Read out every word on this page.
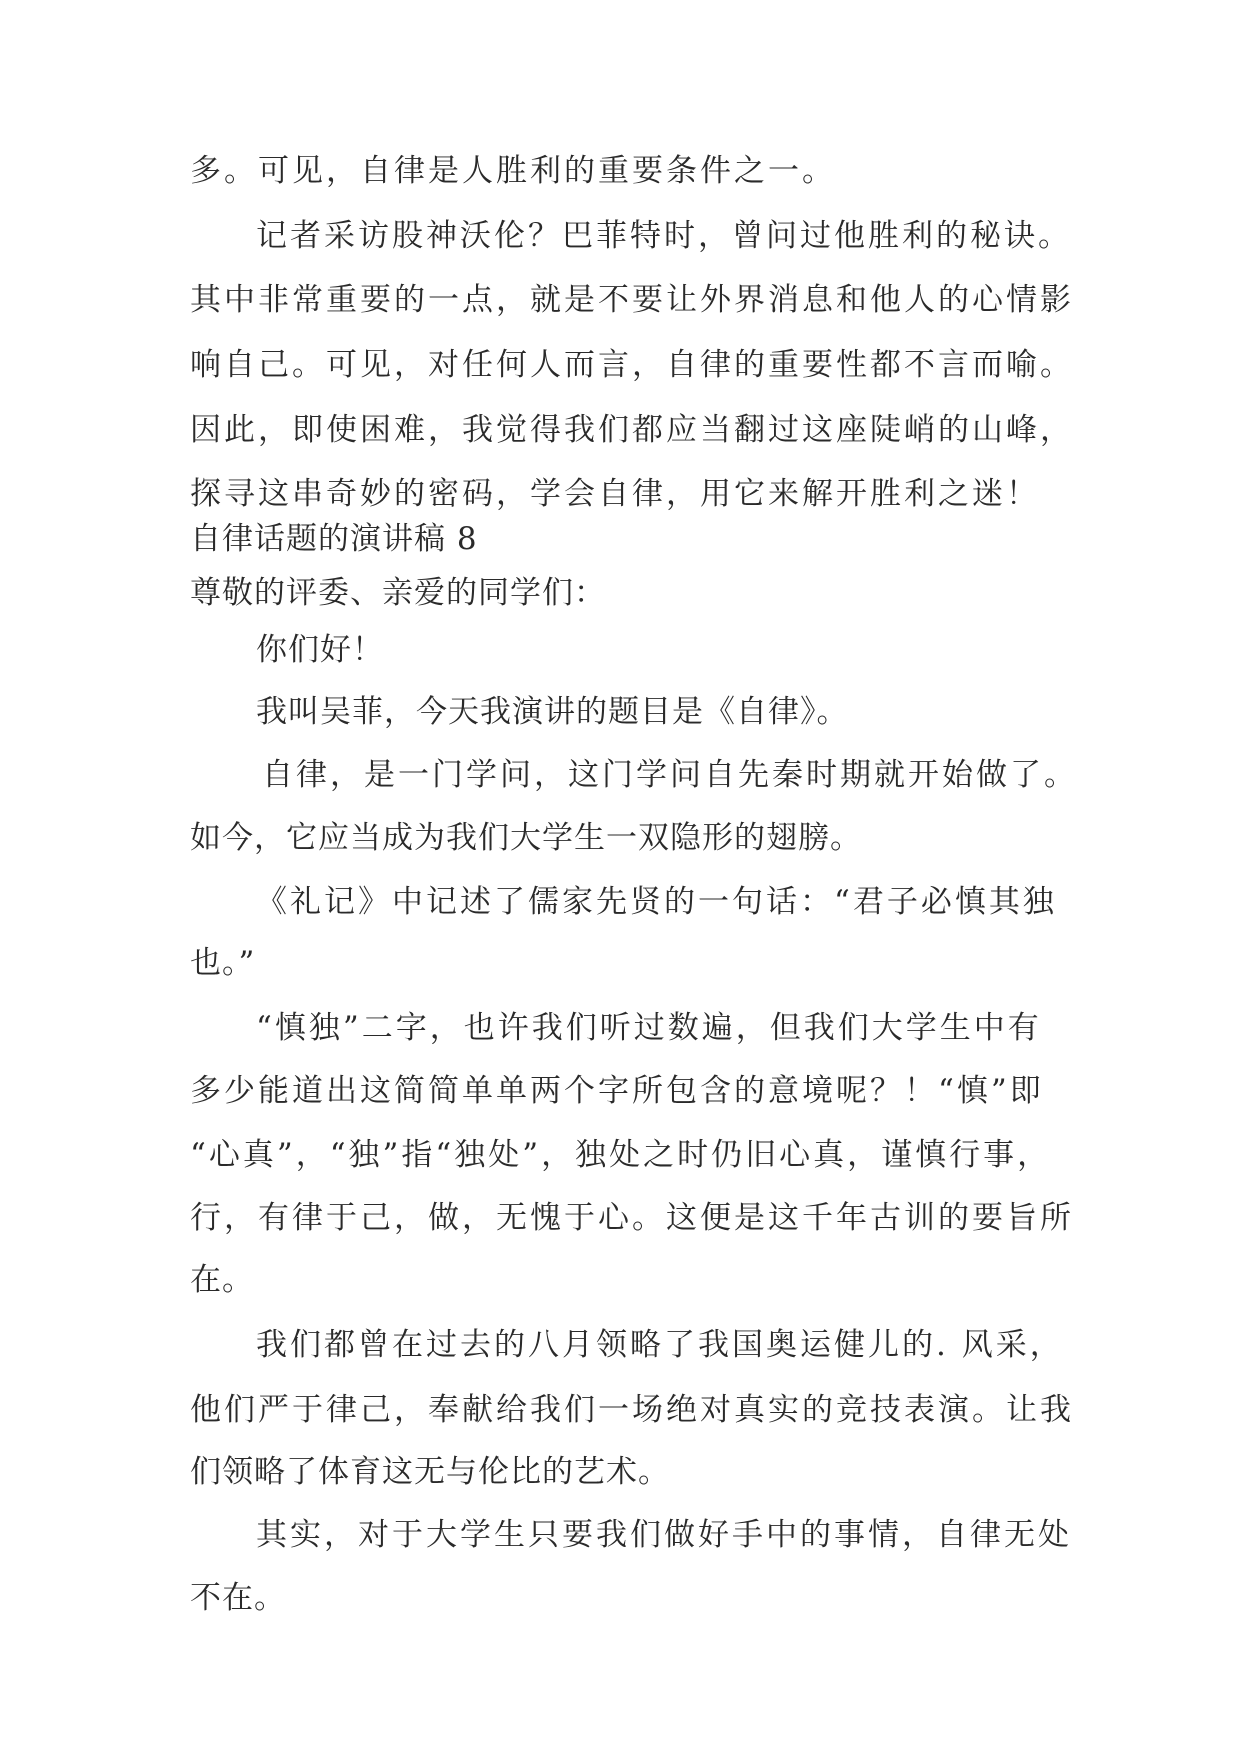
多。可见，自律是人胜利的重要条件之一。
记者采访股神沃伦？巴菲特时，曾问过他胜利的秘诀。
其中非常重要的一点，就是不要让外界消息和他人的心情影
响自己。可见，对任何人而言，自律的重要性都不言而喻。
因此，即使困难，我觉得我们都应当翻过这座陡峭的山峰，
探寻这串奇妙的密码，学会自律，用它来解开胜利之迷！
自律话题的演讲稿 8
尊敬的评委、亲爱的同学们：
你们好！
我叫吴菲，今天我演讲的题目是《自律》。
自律，是一门学问，这门学问自先秦时期就开始做了。
如今，它应当成为我们大学生一双隐形的翅膀。
《礼记》中记述了儒家先贤的一句话：“君子必慎其独
也。”
“慎独”二字，也许我们听过数遍，但我们大学生中有
多少能道出这简简单单两个字所包含的意境呢？！“慎”即
“心真”，“独”指“独处”，独处之时仍旧心真，谨慎行事，
行，有律于己，做，无愧于心。这便是这千年古训的要旨所
在。
我们都曾在过去的八月领略了我国奥运健儿的. 风采，
他们严于律己，奉献给我们一场绝对真实的竞技表演。让我
们领略了体育这无与伦比的艺术。
其实，对于大学生只要我们做好手中的事情，自律无处
不在。
